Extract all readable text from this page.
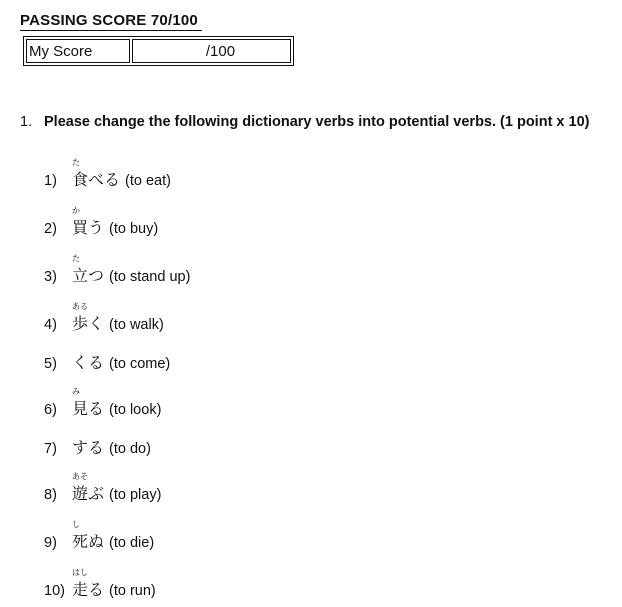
PASSING SCORE 70/100
My Score	/100
1. Please change the following dictionary verbs into potential verbs. (1 point x 10)
1)
た
食べる (to eat)
2)
か
買う (to buy)
3)
た
立つ (to stand up)
4)
ある
歩く (to walk)
5) くる (to come)
6)
み
見る (to look)
7) する (to do)
8)
あそ
遊ぶ (to play)
9)
し
死ぬ (to die)
10)
はし
走る (to run)
